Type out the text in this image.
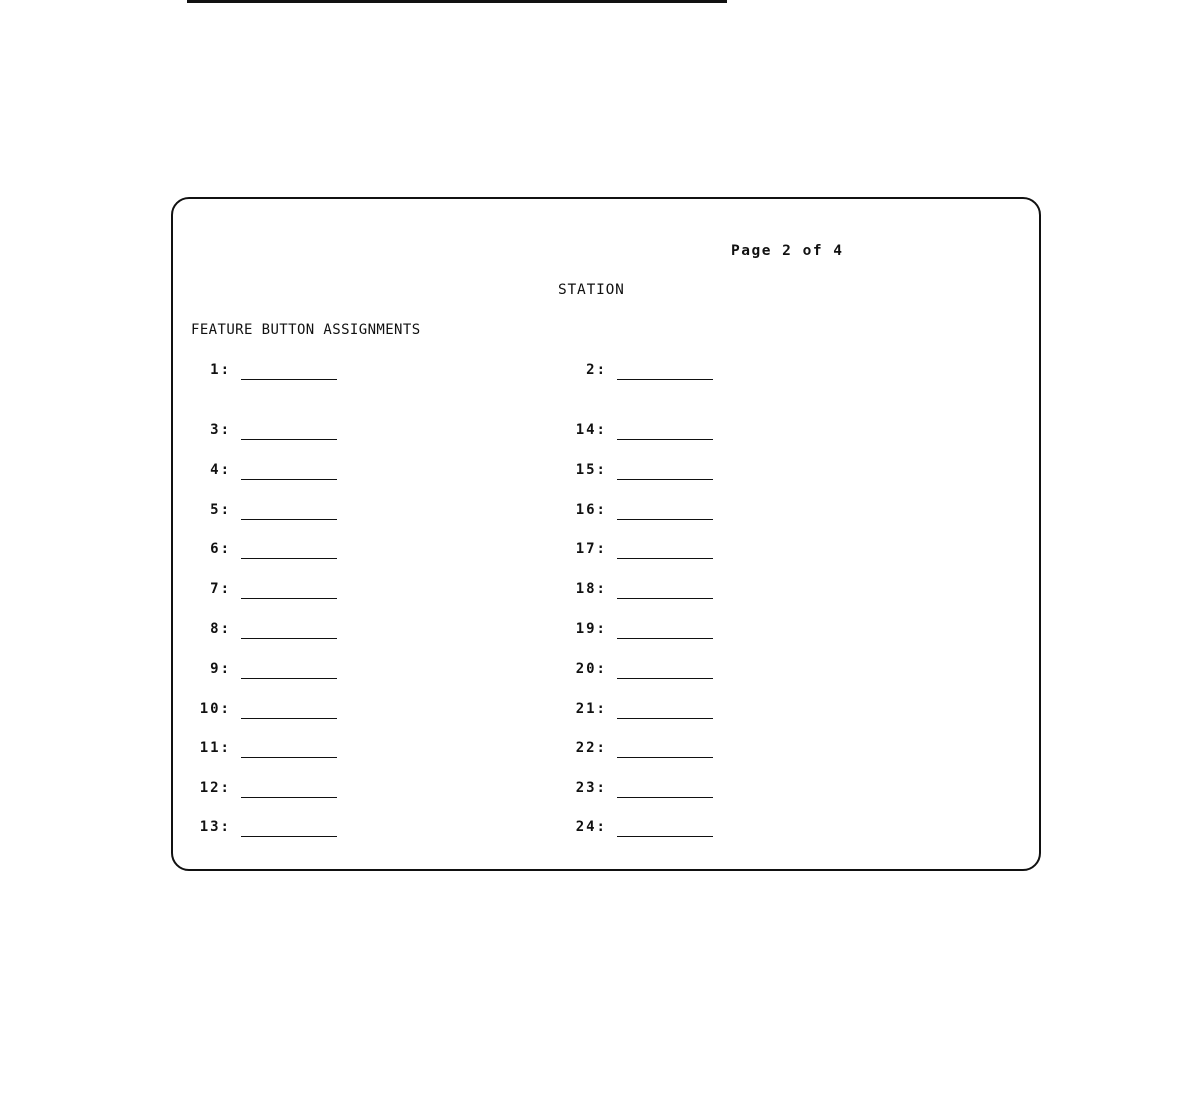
Page 2 of 4
STATION
FEATURE BUTTON ASSIGNMENTS
1:
3:
4:
5:
6:
7:
8:
9:
10:
11:
12:
13:
2:
14:
15:
16:
17:
18:
19:
20:
21:
22:
23:
24:
